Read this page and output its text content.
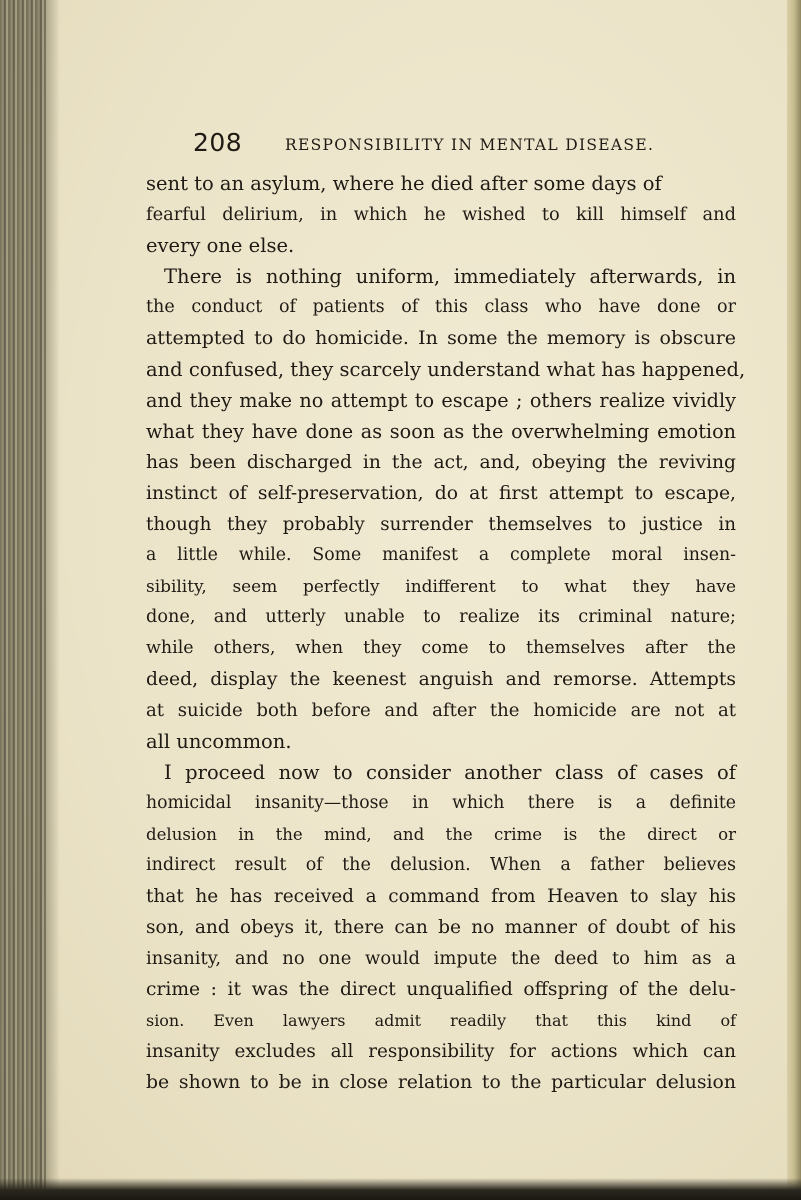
208	RESPONSIBILITY IN MENTAL DISEASE.
sent to an asylum, where he died after some days of
fearful delirium, in which he wished to kill himself and
every one else.
There is nothing uniform, immediately afterwards, in
the conduct of patients of this class who have done or
attempted to do homicide. In some the memory is obscure
and confused, they scarcely understand what has happened,
and they make no attempt to escape ; others realize vividly
what they have done as soon as the overwhelming emotion
has been discharged in the act, and, obeying the reviving
instinct of self-preservation, do at first attempt to escape,
though they probably surrender themselves to justice in
a little while. Some manifest a complete moral insen-
sibility, seem perfectly indifferent to what they have
done, and utterly unable to realize its criminal nature;
while others, when they come to themselves after the
deed, display the keenest anguish and remorse. Attempts
at suicide both before and after the homicide are not at
all uncommon.
I proceed now to consider another class of cases of
homicidal insanity—those in which there is a definite
delusion in the mind, and the crime is the direct or
indirect result of the delusion. When a father believes
that he has received a command from Heaven to slay his
son, and obeys it, there can be no manner of doubt of his
insanity, and no one would impute the deed to him as a
crime : it was the direct unqualified offspring of the delu-
sion. Even lawyers admit readily that this kind of
insanity excludes all responsibility for actions which can
be shown to be in close relation to the particular delusion
